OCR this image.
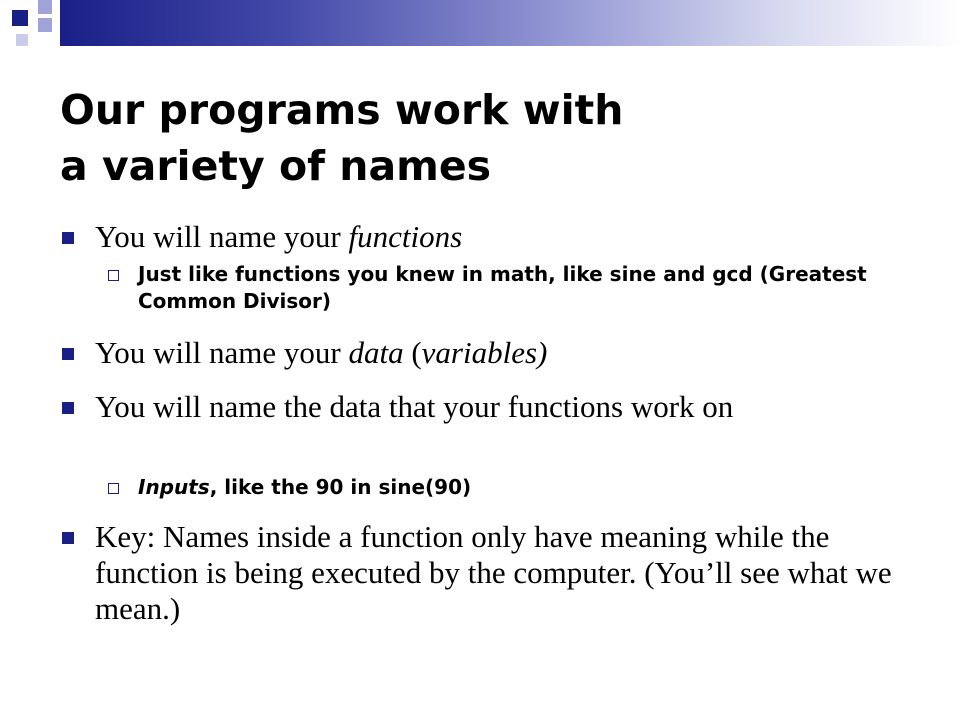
Our programs work with
a variety of names
You will name your functions
Just like functions you knew in math, like sine and gcd (Greatest Common Divisor)
You will name your data (variables)
You will name the data that your functions work on
Inputs, like the 90 in sine(90)
Key: Names inside a function only have meaning while the function is being executed by the computer. (You’ll see what we mean.)
